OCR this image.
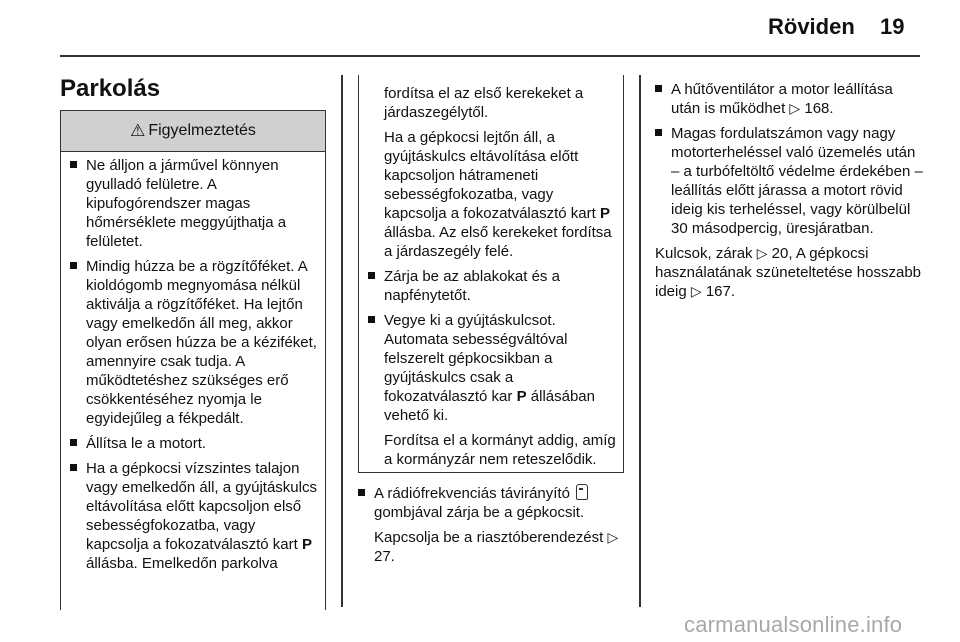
Röviden 19
Parkolás
⚠ Figyelmeztetés
Ne álljon a járművel könnyen gyulladó felületre. A kipufogórendszer magas hőmérséklete meggyújthatja a felületet.
Mindig húzza be a rögzítőféket. A kioldógomb megnyomása nélkül aktiválja a rögzítőféket. Ha lejtőn vagy emelkedőn áll meg, akkor olyan erősen húzza be a kéziféket, amennyire csak tudja. A működtetéshez szükséges erő csökkentéséhez nyomja le egyidejűleg a fékpedált.
Állítsa le a motort.
Ha a gépkocsi vízszintes talajon vagy emelkedőn áll, a gyújtáskulcs eltávolítása előtt kapcsoljon első sebességfokozatba, vagy kapcsolja a fokozatválasztó kart P állásba. Emelkedőn parkolva
fordítsa el az első kerekeket a járdaszegélytől.
Ha a gépkocsi lejtőn áll, a gyújtáskulcs eltávolítása előtt kapcsoljon hátrameneti sebességfokozatba, vagy kapcsolja a fokozatválasztó kart P állásba. Az első kerekeket fordítsa a járdaszegély felé.
Zárja be az ablakokat és a napfénytetőt.
Vegye ki a gyújtáskulcsot. Automata sebességváltóval felszerelt gépkocsikban a gyújtáskulcs csak a fokozatválasztó kar P állásában vehető ki.
Fordítsa el a kormányt addig, amíg a kormányzár nem reteszelődik.
A rádiófrekvenciás távirányító  gombjával zárja be a gépkocsit.
Kapcsolja be a riasztóberendezést ▷ 27.
A hűtőventilátor a motor leállítása után is működhet ▷ 168.
Magas fordulatszámon vagy nagy motorterheléssel való üzemelés után – a turbófeltöltő védelme érdekében – leállítás előtt járassa a motort rövid ideig kis terheléssel, vagy körülbelül 30 másodpercig, üresjáratban.
Kulcsok, zárak ▷ 20, A gépkocsi használatának szüneteltetése hosszabb ideig ▷ 167.
carmanualsonline.info
